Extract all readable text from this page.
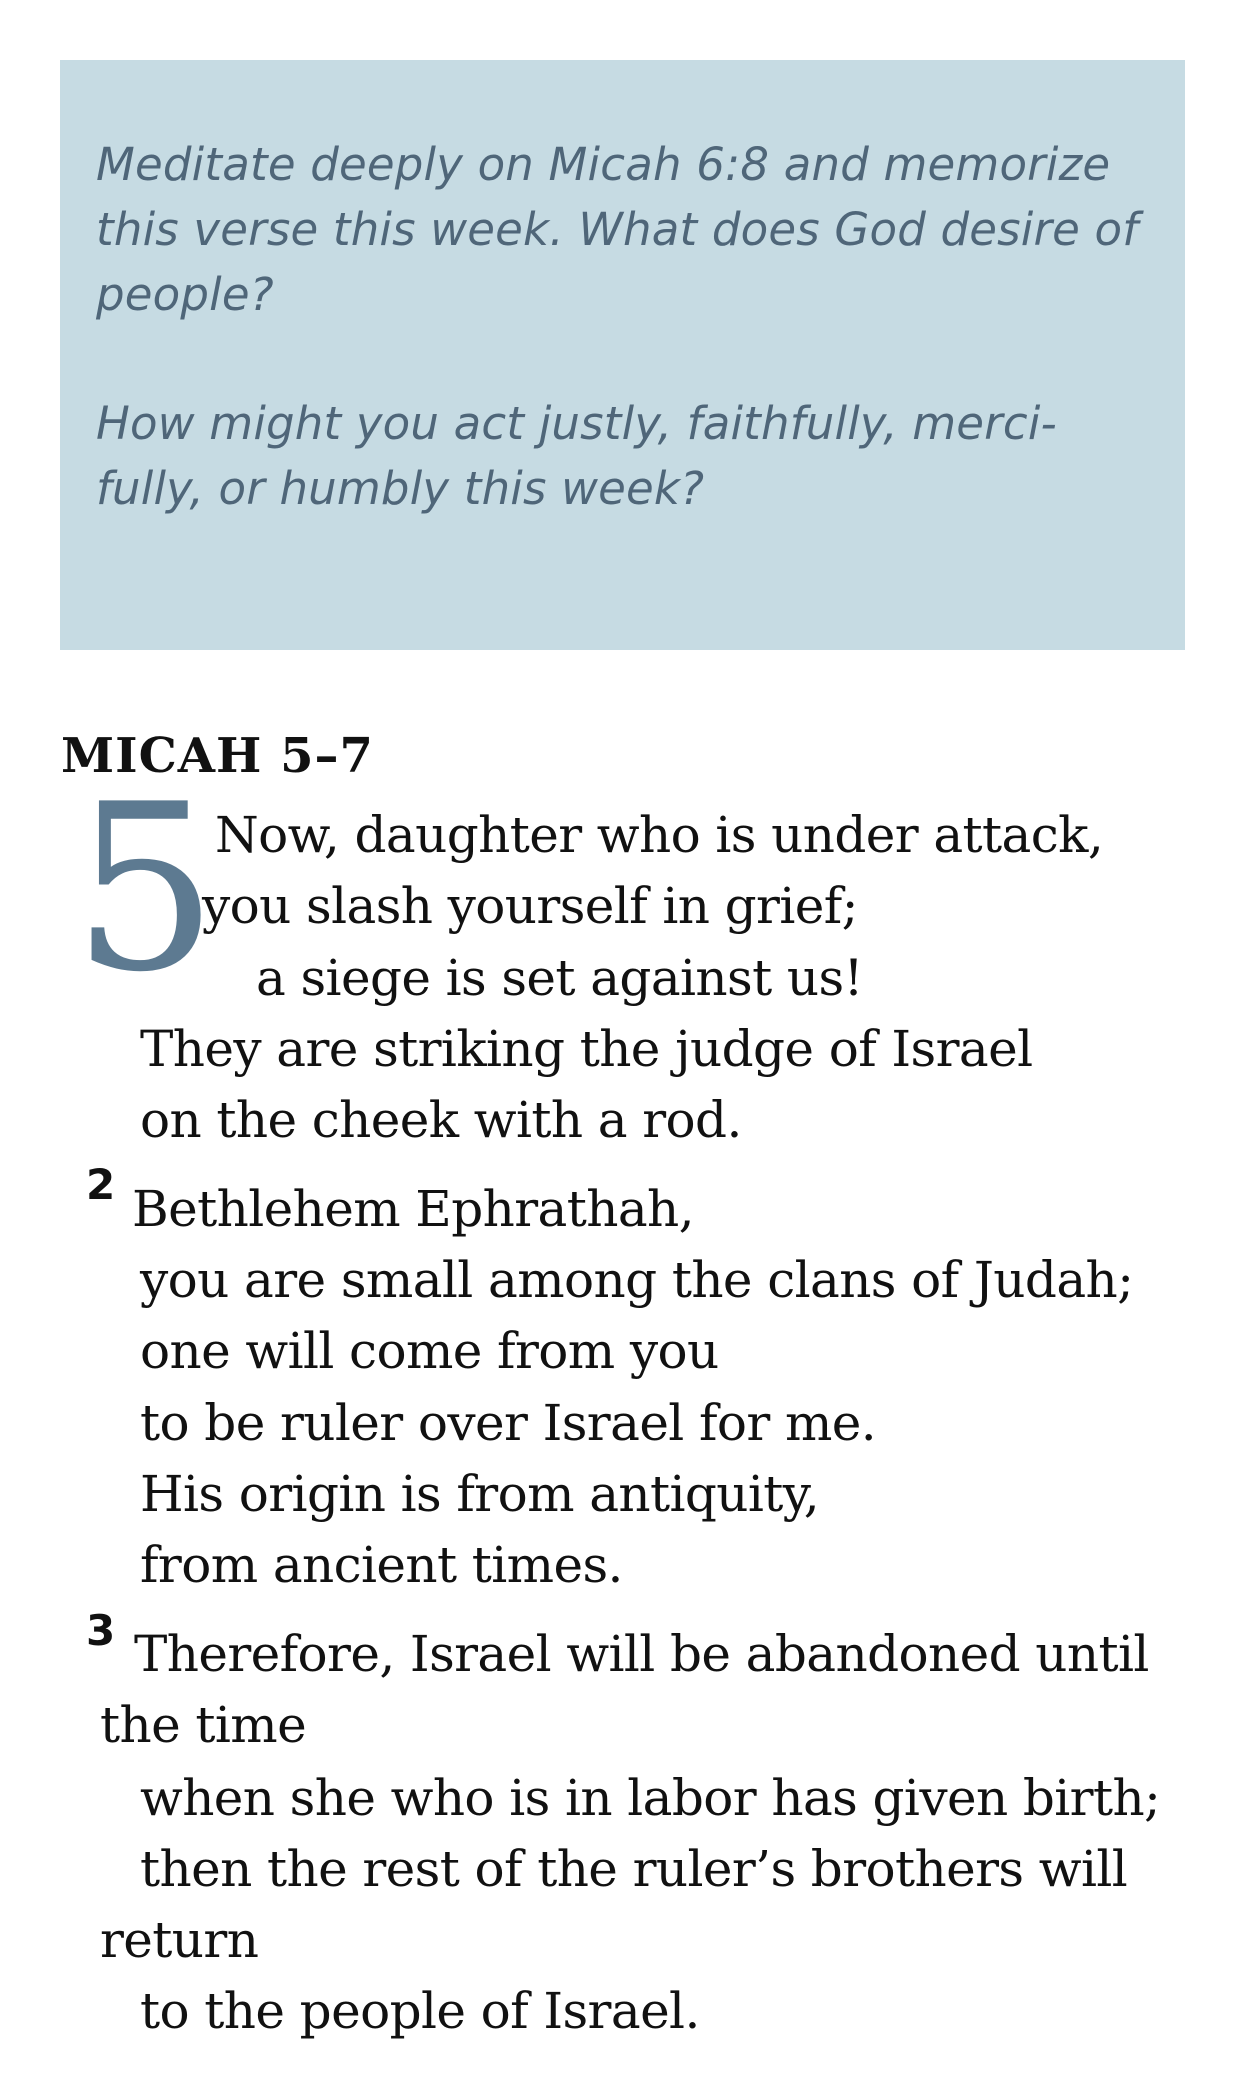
Meditate deeply on Micah 6:8 and memorize this verse this week. What does God desire of people?

How might you act justly, faithfully, merci-fully, or humbly this week?

MICAH 5–7
5
Now, daughter who is under attack,
you slash yourself in grief;
a siege is set against us!
They are striking the judge of Israel
on the cheek with a rod.
2 Bethlehem Ephrathah,
you are small among the clans of Judah;
one will come from you
to be ruler over Israel for me.
His origin is from antiquity,
from ancient times.
3 Therefore, Israel will be abandoned until
the time
when she who is in labor has given birth;
then the rest of the ruler’s brothers will
return
to the people of Israel.
